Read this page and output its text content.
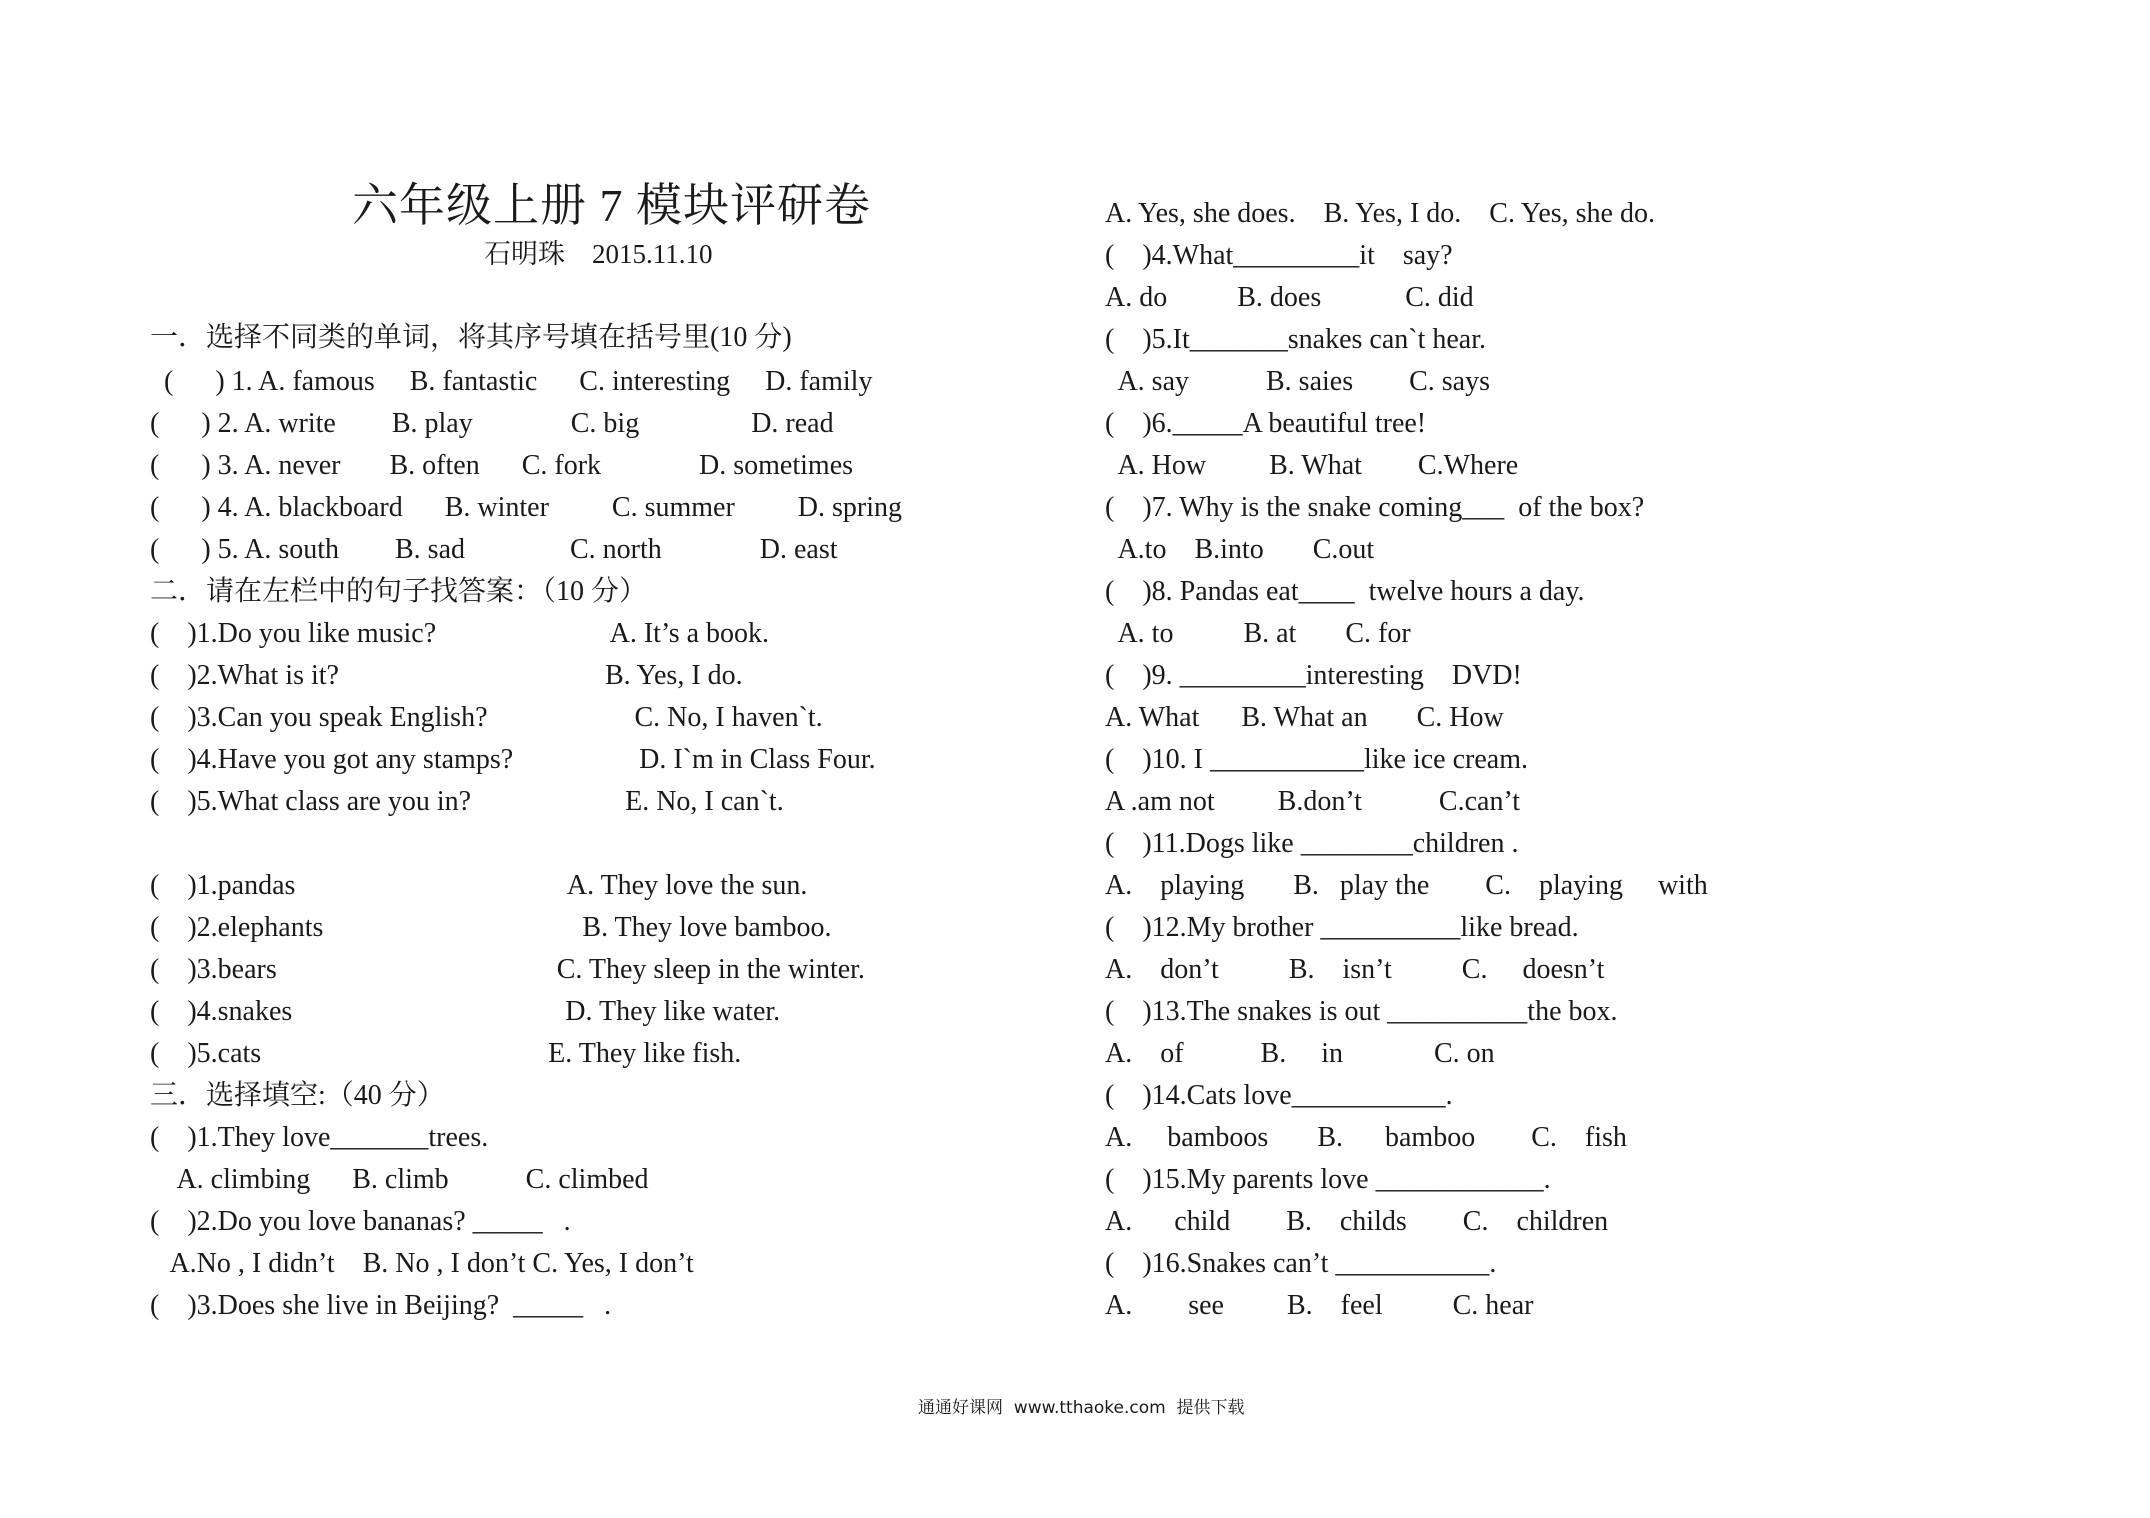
六年级上册 7 模块评研卷
石明珠    2015.11.10
一．选择不同类的单词，将其序号填在括号里(10 分)
(      ) 1. A. famous     B. fantastic      C. interesting     D. family
(      ) 2. A. write        B. play              C. big                D. read
(      ) 3. A. never       B. often      C. fork              D. sometimes
(      ) 4. A. blackboard      B. winter         C. summer         D. spring
(      ) 5. A. south        B. sad               C. north              D. east
二．请在左栏中的句子找答案：（10 分）
(    )1.Do you like music?                         A. It’s a book.
(    )2.What is it?                                      B. Yes, I do.
(    )3.Can you speak English?                     C. No, I haven`t.
(    )4.Have you got any stamps?                  D. I`m in Class Four.
(    )5.What class are you in?                      E. No, I can`t.
(    )1.pandas                                       A. They love the sun.
(    )2.elephants                                     B. They love bamboo.
(    )3.bears                                        C. They sleep in the winter.
(    )4.snakes                                       D. They like water.
(    )5.cats                                         E. They like fish.
三．选择填空:（40 分）
(    )1.They love_______trees.
A. climbing      B. climb           C. climbed
(    )2.Do you love bananas? _____   .
A.No , I didn’t    B. No , I don’t C. Yes, I don’t
(    )3.Does she live in Beijing?  _____   .
A. Yes, she does.    B. Yes, I do.    C. Yes, she do.
(    )4.What_________it    say?
A. do          B. does            C. did
(    )5.It_______snakes can`t hear.
A. say           B. saies        C. says
(    )6._____A beautiful tree!
A. How         B. What        C.Where
(    )7. Why is the snake coming___  of the box?
A.to    B.into       C.out
(    )8. Pandas eat____  twelve hours a day.
A. to          B. at       C. for
(    )9. _________interesting    DVD!
A. What      B. What an       C. How
(    )10. I ___________like ice cream.
A .am not         B.don’t           C.can’t
(    )11.Dogs like ________children .
A.    playing       B.   play the        C.    playing     with
(    )12.My brother __________like bread.
A.    don’t          B.    isn’t          C.     doesn’t
(    )13.The snakes is out __________the box.
A.    of           B.     in             C. on
(    )14.Cats love___________.
A.     bamboos       B.      bamboo        C.    fish
(    )15.My parents love ____________.
A.      child        B.    childs        C.    children
(    )16.Snakes can’t ___________.
A.        see         B.    feel          C. hear
通通好课网  www.tthaoke.com  提供下载
